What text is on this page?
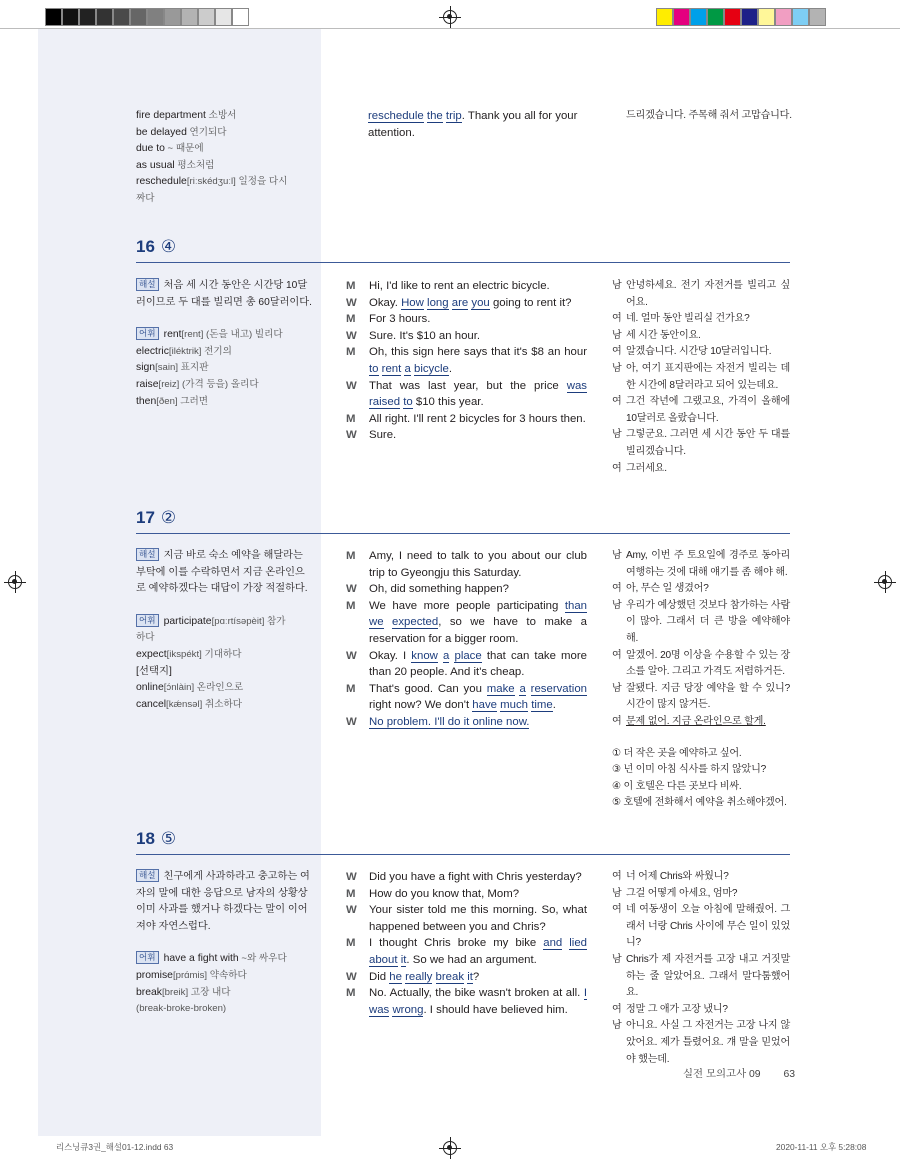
fire department 소방서
be delayed 연기되다
due to ~ 때문에
as usual 평소처럼
reschedule[riːskédʒuːl] 일정을 다시
짜다
reschedule the trip. Thank you all for your attention.
드리겠습니다. 주목해 줘서 고맙습니다.
16 ④
해설 처음 세 시간 동안은 시간당 10달러이므로 두 대를 빌리면 총 60달러이다.
어휘 rent[rent] (돈을 내고) 빌리다
electric[iléktrik] 전기의
sign[sain] 표지판
raise[reiz] (가격 등을) 올리다
then[ðen] 그러면
M	Hi, I'd like to rent an electric bicycle.
W	Okay. How long are you going to rent it?
M	For 3 hours.
W	Sure. It's $10 an hour.
M	Oh, this sign here says that it's $8 an hour to rent a bicycle.
W	That was last year, but the price was raised to $10 this year.
M	All right. I'll rent 2 bicycles for 3 hours then.
W	Sure.
남 안녕하세요. 전기 자전거를 빌리고 싶어요.
여 네. 얼마 동안 빌리실 건가요?
남 세 시간 동안이요.
여 알겠습니다. 시간당 10달러입니다.
남 아, 여기 표지판에는 자전거 빌리는 데 한 시간에 8달러라고 되어 있는데요.
여 그건 작년에 그랬고요, 가격이 올해에 10달러로 올랐습니다.
남 그렇군요. 그러면 세 시간 동안 두 대를 빌리겠습니다.
여 그러세요.
17 ②
해설 지금 바로 숙소 예약을 해달라는 부탁에 이를 수락하면서 지금 온라인으로 예약하겠다는 대답이 가장 적절하다.
어휘 participate[pɑːrtísəpèit] 참가
하다
expect[ikspékt] 기대하다
[선택지]
online[ɔ́nlàin] 온라인으로
cancel[kǽnsəl] 취소하다
M	Amy, I need to talk to you about our club trip to Gyeongju this Saturday.
W	Oh, did something happen?
M	We have more people participating than we expected, so we have to make a reservation for a bigger room.
W	Okay. I know a place that can take more than 20 people. And it's cheap.
M	That's good. Can you make a reservation right now? We don't have much time.
W	No problem. I'll do it online now.
남 Amy, 이번 주 토요일에 경주로 동아리 여행하는 것에 대해 얘기를 좀 해야 해.
여 아, 무슨 일 생겼어?
남 우리가 예상했던 것보다 참가하는 사람이 많아. 그래서 더 큰 방을 예약해야 해.
여 알겠어. 20명 이상을 수용할 수 있는 장소를 알아. 그리고 가격도 저렴하거든.
남 잘됐다. 지금 당장 예약을 할 수 있니? 시간이 많지 않거든.
여 문제 없어. 지금 온라인으로 할게.
① 더 작은 곳을 예약하고 싶어.
③ 넌 이미 아침 식사를 하지 않았니?
④ 이 호텔은 다른 곳보다 비싸.
⑤ 호텔에 전화해서 예약을 취소해야겠어.
18 ⑤
해설 친구에게 사과하라고 충고하는 여자의 말에 대한 응답으로 남자의 상황상 이미 사과를 했거나 하겠다는 말이 이어져야 자연스럽다.
어휘 have a fight with ~와 싸우다
promise[prɑ́mis] 약속하다
break[breik] 고장 내다
(break-broke-broken)
W	Did you have a fight with Chris yesterday?
M	How do you know that, Mom?
W	Your sister told me this morning. So, what happened between you and Chris?
M	I thought Chris broke my bike and lied about it. So we had an argument.
W	Did he really break it?
M	No. Actually, the bike wasn't broken at all. I was wrong. I should have believed him.
여 너 어제 Chris와 싸웠니?
남 그걸 어떻게 아세요, 엄마?
여 네 여동생이 오늘 아침에 말해줬어. 그래서 너랑 Chris 사이에 무슨 일이 있었니?
남 Chris가 제 자전거를 고장 내고 거짓말하는 줄 알았어요. 그래서 말다툼했어요.
여 정말 그 애가 고장 냈니?
남 아니요. 사실 그 자전거는 고장 나지 않았어요. 제가 틀렸어요. 걔 말을 믿었어야 했는데.
실전 모의고사 09 63
리스닝큐3권_해설01-12.indd 63	2020-11-11 오후 5:28:08
